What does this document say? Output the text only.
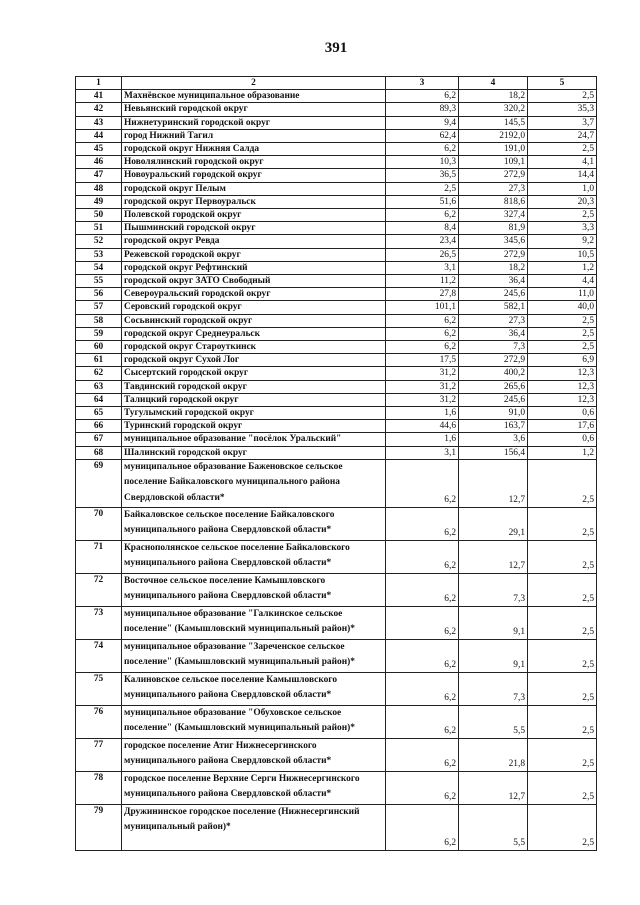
391
1	2	3	4	5
41	Махнёвское муниципальное образование	6,2	18,2	2,5
42	Невьянский городской округ	89,3	320,2	35,3
43	Нижнетуринский городской округ	9,4	145,5	3,7
44	город Нижний Тагил	62,4	2192,0	24,7
45	городской округ Нижняя Салда	6,2	191,0	2,5
46	Новолялинский городской округ	10,3	109,1	4,1
47	Новоуральский городской округ	36,5	272,9	14,4
48	городской округ Пелым	2,5	27,3	1,0
49	городской округ Первоуральск	51,6	818,6	20,3
50	Полевской городской округ	6,2	327,4	2,5
51	Пышминский городской округ	8,4	81,9	3,3
52	городской округ Ревда	23,4	345,6	9,2
53	Режевской городской округ	26,5	272,9	10,5
54	городской округ Рефтинский	3,1	18,2	1,2
55	городской округ ЗАТО Свободный	11,2	36,4	4,4
56	Североуральский городской округ	27,8	245,6	11,0
57	Серовский городской округ	101,1	582,1	40,0
58	Сосьвинский городской округ	6,2	27,3	2,5
59	городской округ Среднеуральск	6,2	36,4	2,5
60	городской округ Староуткинск	6,2	7,3	2,5
61	городской округ Сухой Лог	17,5	272,9	6,9
62	Сысертский городской округ	31,2	400,2	12,3
63	Тавдинский городской округ	31,2	265,6	12,3
64	Талицкий городской округ	31,2	245,6	12,3
65	Тугулымский городской округ	1,6	91,0	0,6
66	Туринский городской округ	44,6	163,7	17,6
67	муниципальное образование "посёлок Уральский"	1,6	3,6	0,6
68	Шалинский городской округ	3,1	156,4	1,2
69	муниципальное образование Баженовское сельское поселение Байкаловского муниципального района Свердловской области*	6,2	12,7	2,5
70	Байкаловское сельское поселение Байкаловского муниципального района Свердловской области*	6,2	29,1	2,5
71	Краснополянское сельское поселение Байкаловского муниципального района Свердловской области*	6,2	12,7	2,5
72	Восточное сельское поселение Камышловского муниципального района Свердловской области*	6,2	7,3	2,5
73	муниципальное образование "Галкинское сельское поселение" (Камышловский муниципальный район)*	6,2	9,1	2,5
74	муниципальное образование "Зареченское сельское поселение" (Камышловский муниципальный район)*	6,2	9,1	2,5
75	Калиновское сельское поселение Камышловского муниципального района Свердловской области*	6,2	7,3	2,5
76	муниципальное образование "Обуховское сельское поселение" (Камышловский муниципальный район)*	6,2	5,5	2,5
77	городское поселение Атиг Нижнесергинского муниципального района Свердловской области*	6,2	21,8	2,5
78	городское поселение Верхние Серги Нижнесергинского муниципального района Свердловской области*	6,2	12,7	2,5
79	Дружининское городское поселение (Нижнесергинский муниципальный район)*	6,2	5,5	2,5
